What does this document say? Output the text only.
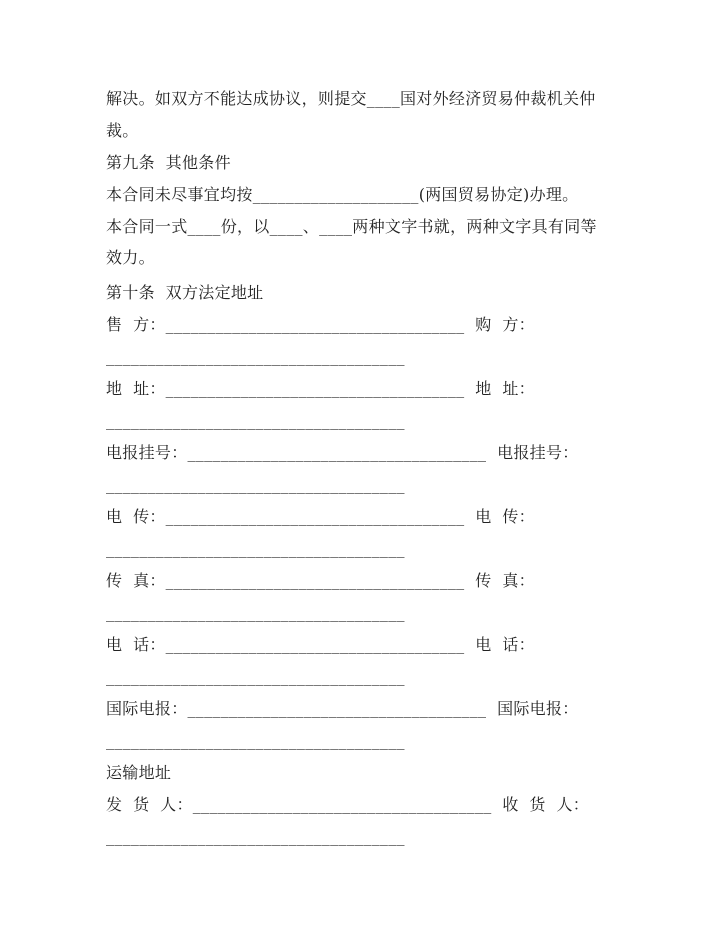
解决。如双方不能达成协议，则提交____国对外经济贸易仲裁机关仲
裁。
第九条  其他条件
本合同未尽事宜均按____________________(两国贸易协定)办理。
本合同一式____份，以____、____两种文字书就，两种文字具有同等
效力。
第十条  双方法定地址
售  方：____________________________________  购  方：
____________________________________
地  址：____________________________________  地  址：
____________________________________
电报挂号：____________________________________  电报挂号：
____________________________________
电  传：____________________________________  电  传：
____________________________________
传  真：____________________________________  传  真：
____________________________________
电  话：____________________________________  电  话：
____________________________________
国际电报：____________________________________  国际电报：
____________________________________
运输地址
发  货  人：____________________________________  收  货  人：
____________________________________
